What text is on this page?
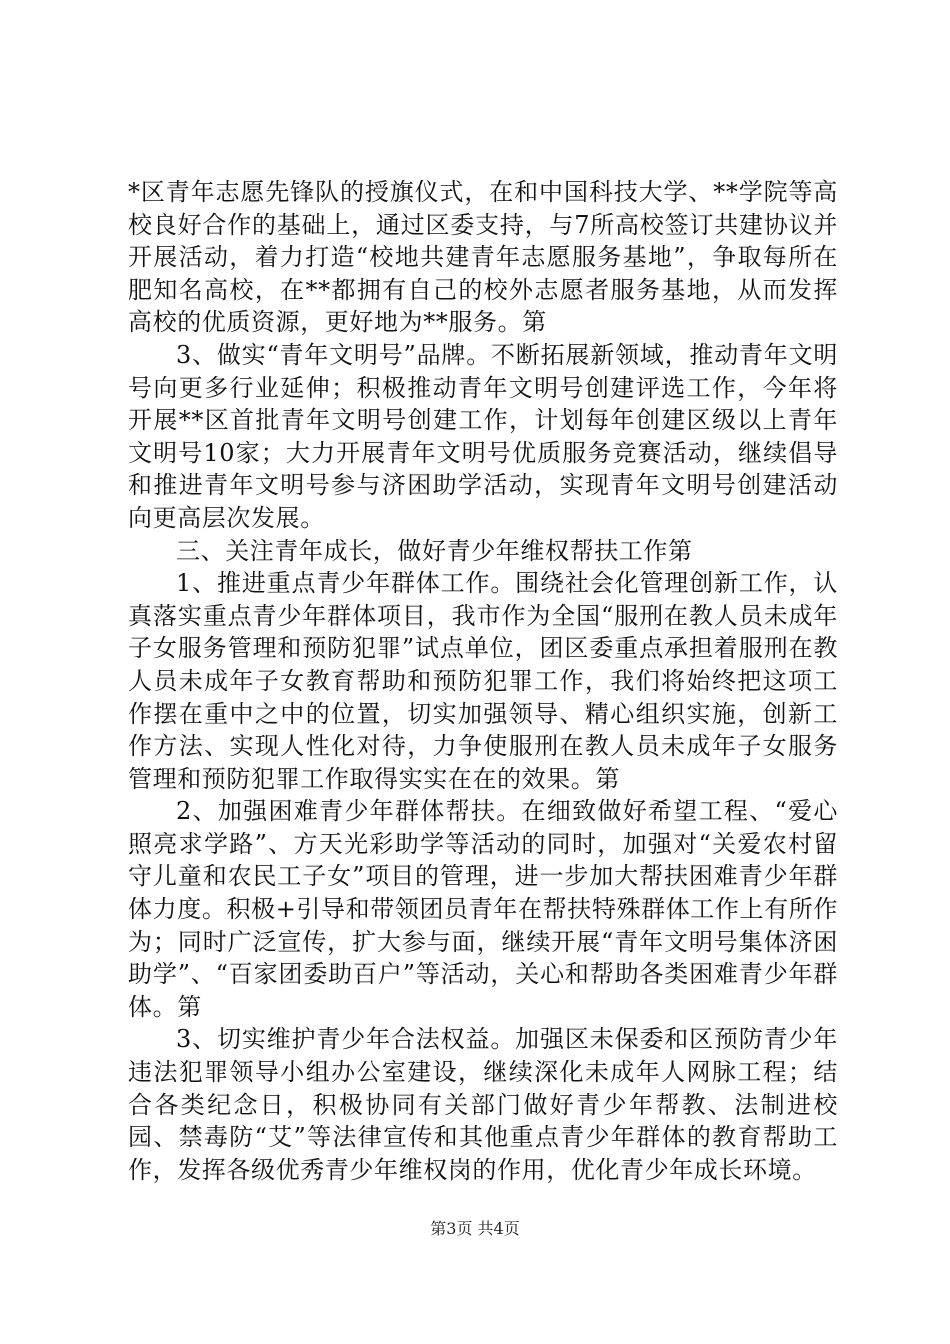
*区青年志愿先锋队的授旗仪式，在和中国科技大学、**学院等高校良好合作的基础上，通过区委支持，与7所高校签订共建协议并开展活动，着力打造“校地共建青年志愿服务基地”，争取每所在肥知名高校，在**都拥有自己的校外志愿者服务基地，从而发挥高校的优质资源，更好地为**服务。第

3、做实“青年文明号”品牌。不断拓展新领域，推动青年文明号向更多行业延伸；积极推动青年文明号创建评选工作，今年将开展**区首批青年文明号创建工作，计划每年创建区级以上青年文明号10家；大力开展青年文明号优质服务竞赛活动，继续倡导和推进青年文明号参与济困助学活动，实现青年文明号创建活动向更高层次发展。

三、关注青年成长，做好青少年维权帮扶工作第

1、推进重点青少年群体工作。围绕社会化管理创新工作，认真落实重点青少年群体项目，我市作为全国“服刑在教人员未成年子女服务管理和预防犯罪”试点单位，团区委重点承担着服刑在教人员未成年子女教育帮助和预防犯罪工作，我们将始终把这项工作摆在重中之中的位置，切实加强领导、精心组织实施，创新工作方法、实现人性化对待，力争使服刑在教人员未成年子女服务管理和预防犯罪工作取得实实在在的效果。第

2、加强困难青少年群体帮扶。在细致做好希望工程、“爱心照亮求学路”、方天光彩助学等活动的同时，加强对“关爱农村留守儿童和农民工子女”项目的管理，进一步加大帮扶困难青少年群体力度。积极+引导和带领团员青年在帮扶特殊群体工作上有所作为；同时广泛宣传，扩大参与面，继续开展“青年文明号集体济困助学”、“百家团委助百户”等活动，关心和帮助各类困难青少年群体。第

3、切实维护青少年合法权益。加强区未保委和区预防青少年违法犯罪领导小组办公室建设，继续深化未成年人网脉工程；结合各类纪念日，积极协同有关部门做好青少年帮教、法制进校园、禁毒防“艾”等法律宣传和其他重点青少年群体的教育帮助工作，发挥各级优秀青少年维权岗的作用，优化青少年成长环境。

第3页 共4页
